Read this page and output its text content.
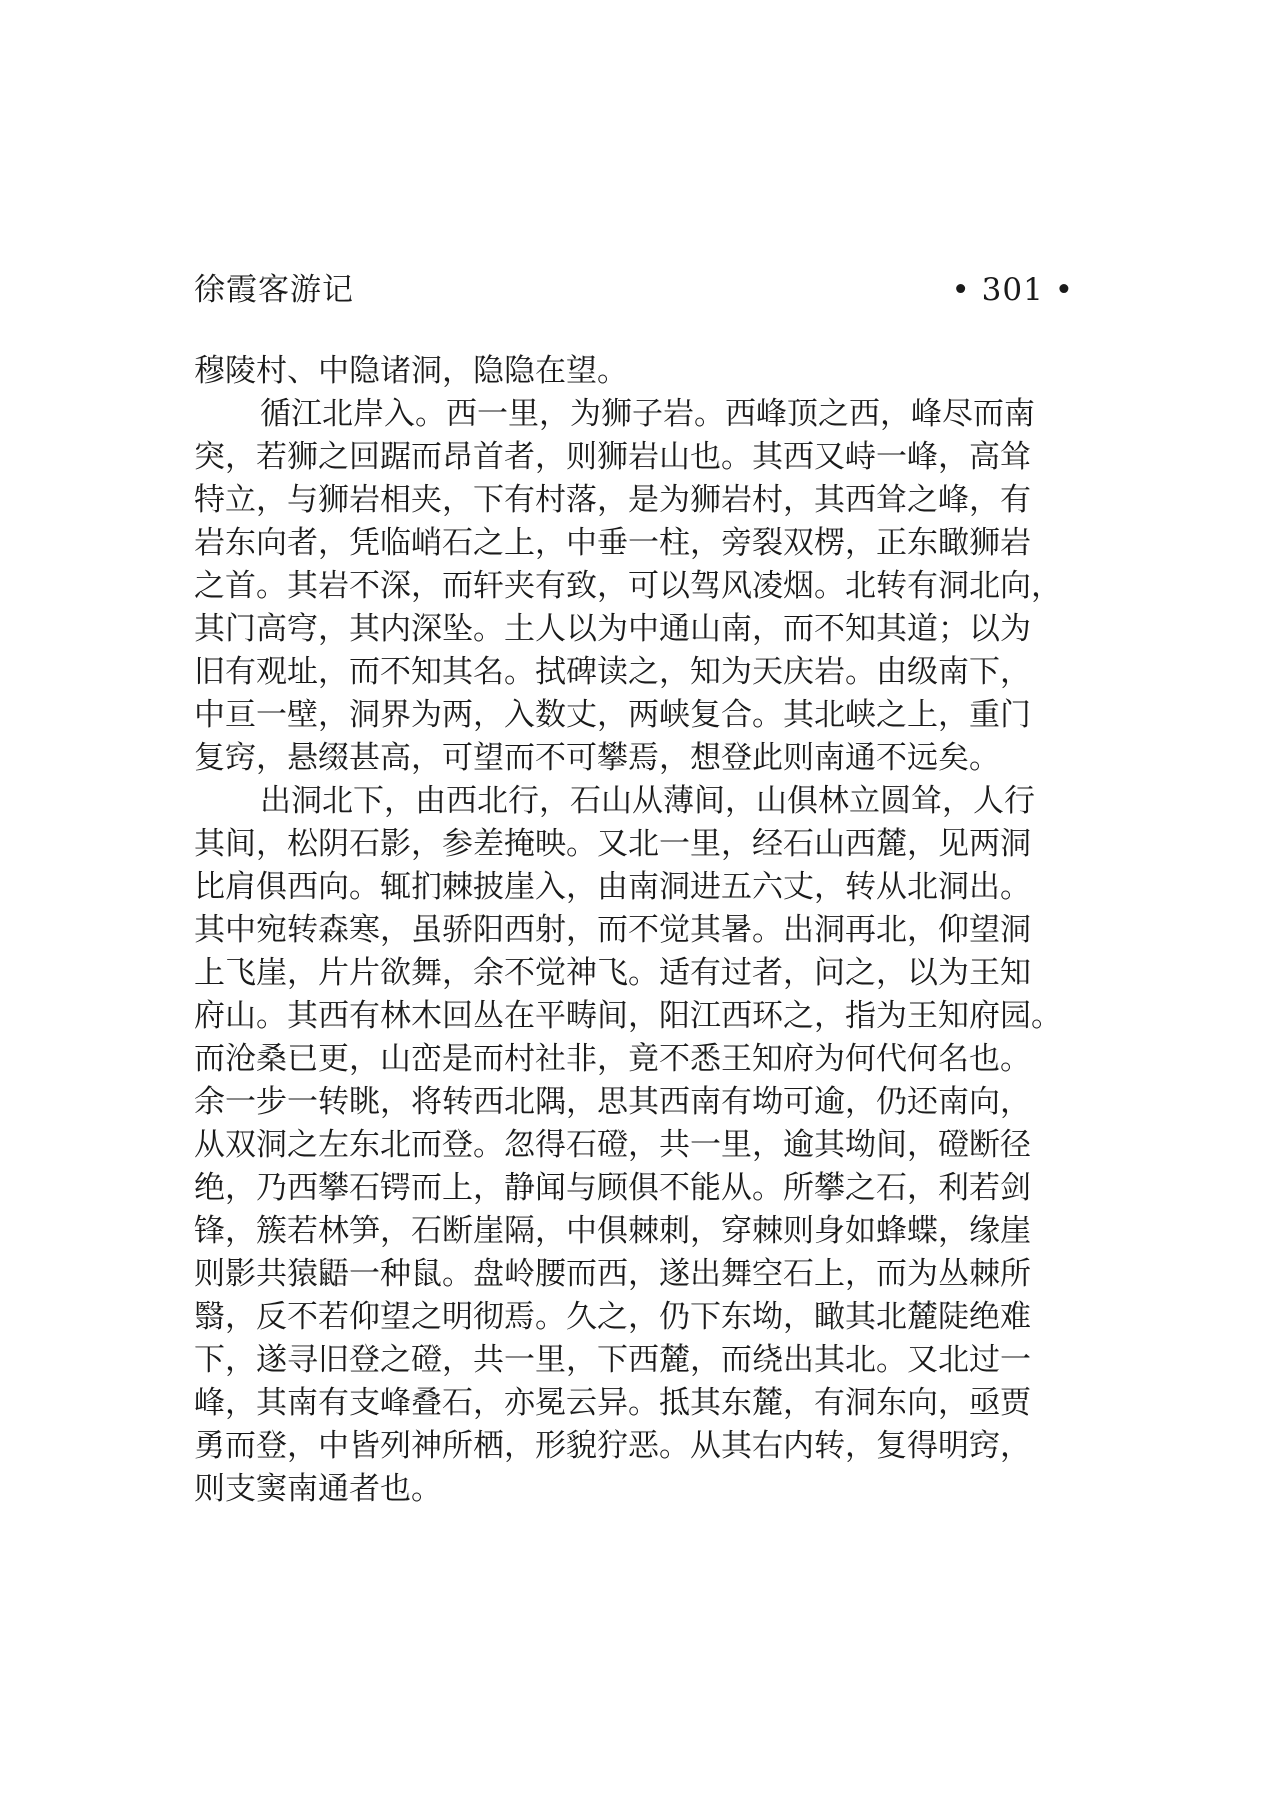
徐霞客游记	• 301 •
穆陵村、中隐诸洞，隐隐在望。
循江北岸入。西一里，为狮子岩。西峰顶之西，峰尽而南
突，若狮之回踞而昂首者，则狮岩山也。其西又峙一峰，高耸
特立，与狮岩相夹，下有村落，是为狮岩村，其西耸之峰，有
岩东向者，凭临峭石之上，中垂一柱，旁裂双楞，正东瞰狮岩
之首。其岩不深，而轩夹有致，可以驾风凌烟。北转有洞北向，
其门高穹，其内深坠。土人以为中通山南，而不知其道；以为
旧有观址，而不知其名。拭碑读之，知为天庆岩。由级南下，
中亘一壁，洞界为两，入数丈，两峡复合。其北峡之上，重门
复窍，悬缀甚高，可望而不可攀焉，想登此则南通不远矣。
出洞北下，由西北行，石山从薄间，山俱林立圆耸，人行
其间，松阴石影，参差掩映。又北一里，经石山西麓，见两洞
比肩俱西向。辄扪棘披崖入，由南洞进五六丈，转从北洞出。
其中宛转森寒，虽骄阳西射，而不觉其暑。出洞再北，仰望洞
上飞崖，片片欲舞，余不觉神飞。适有过者，问之，以为王知
府山。其西有林木回丛在平畴间，阳江西环之，指为王知府园。
而沧桑已更，山峦是而村社非，竟不悉王知府为何代何名也。
余一步一转眺，将转西北隅，思其西南有坳可逾，仍还南向，
从双洞之左东北而登。忽得石磴，共一里，逾其坳间，磴断径
绝，乃西攀石锷而上，静闻与顾俱不能从。所攀之石，利若剑
锋，簇若林笋，石断崖隔，中俱棘刺，穿棘则身如蜂蝶，缘崖
则影共猿鼯一种鼠。盘岭腰而西，遂出舞空石上，而为丛棘所
翳，反不若仰望之明彻焉。久之，仍下东坳，瞰其北麓陡绝难
下，遂寻旧登之磴，共一里，下西麓，而绕出其北。又北过一
峰，其南有支峰叠石，亦冕云异。抵其东麓，有洞东向，亟贾
勇而登，中皆列神所栖，形貌狞恶。从其右内转，复得明窍，
则支窦南通者也。
